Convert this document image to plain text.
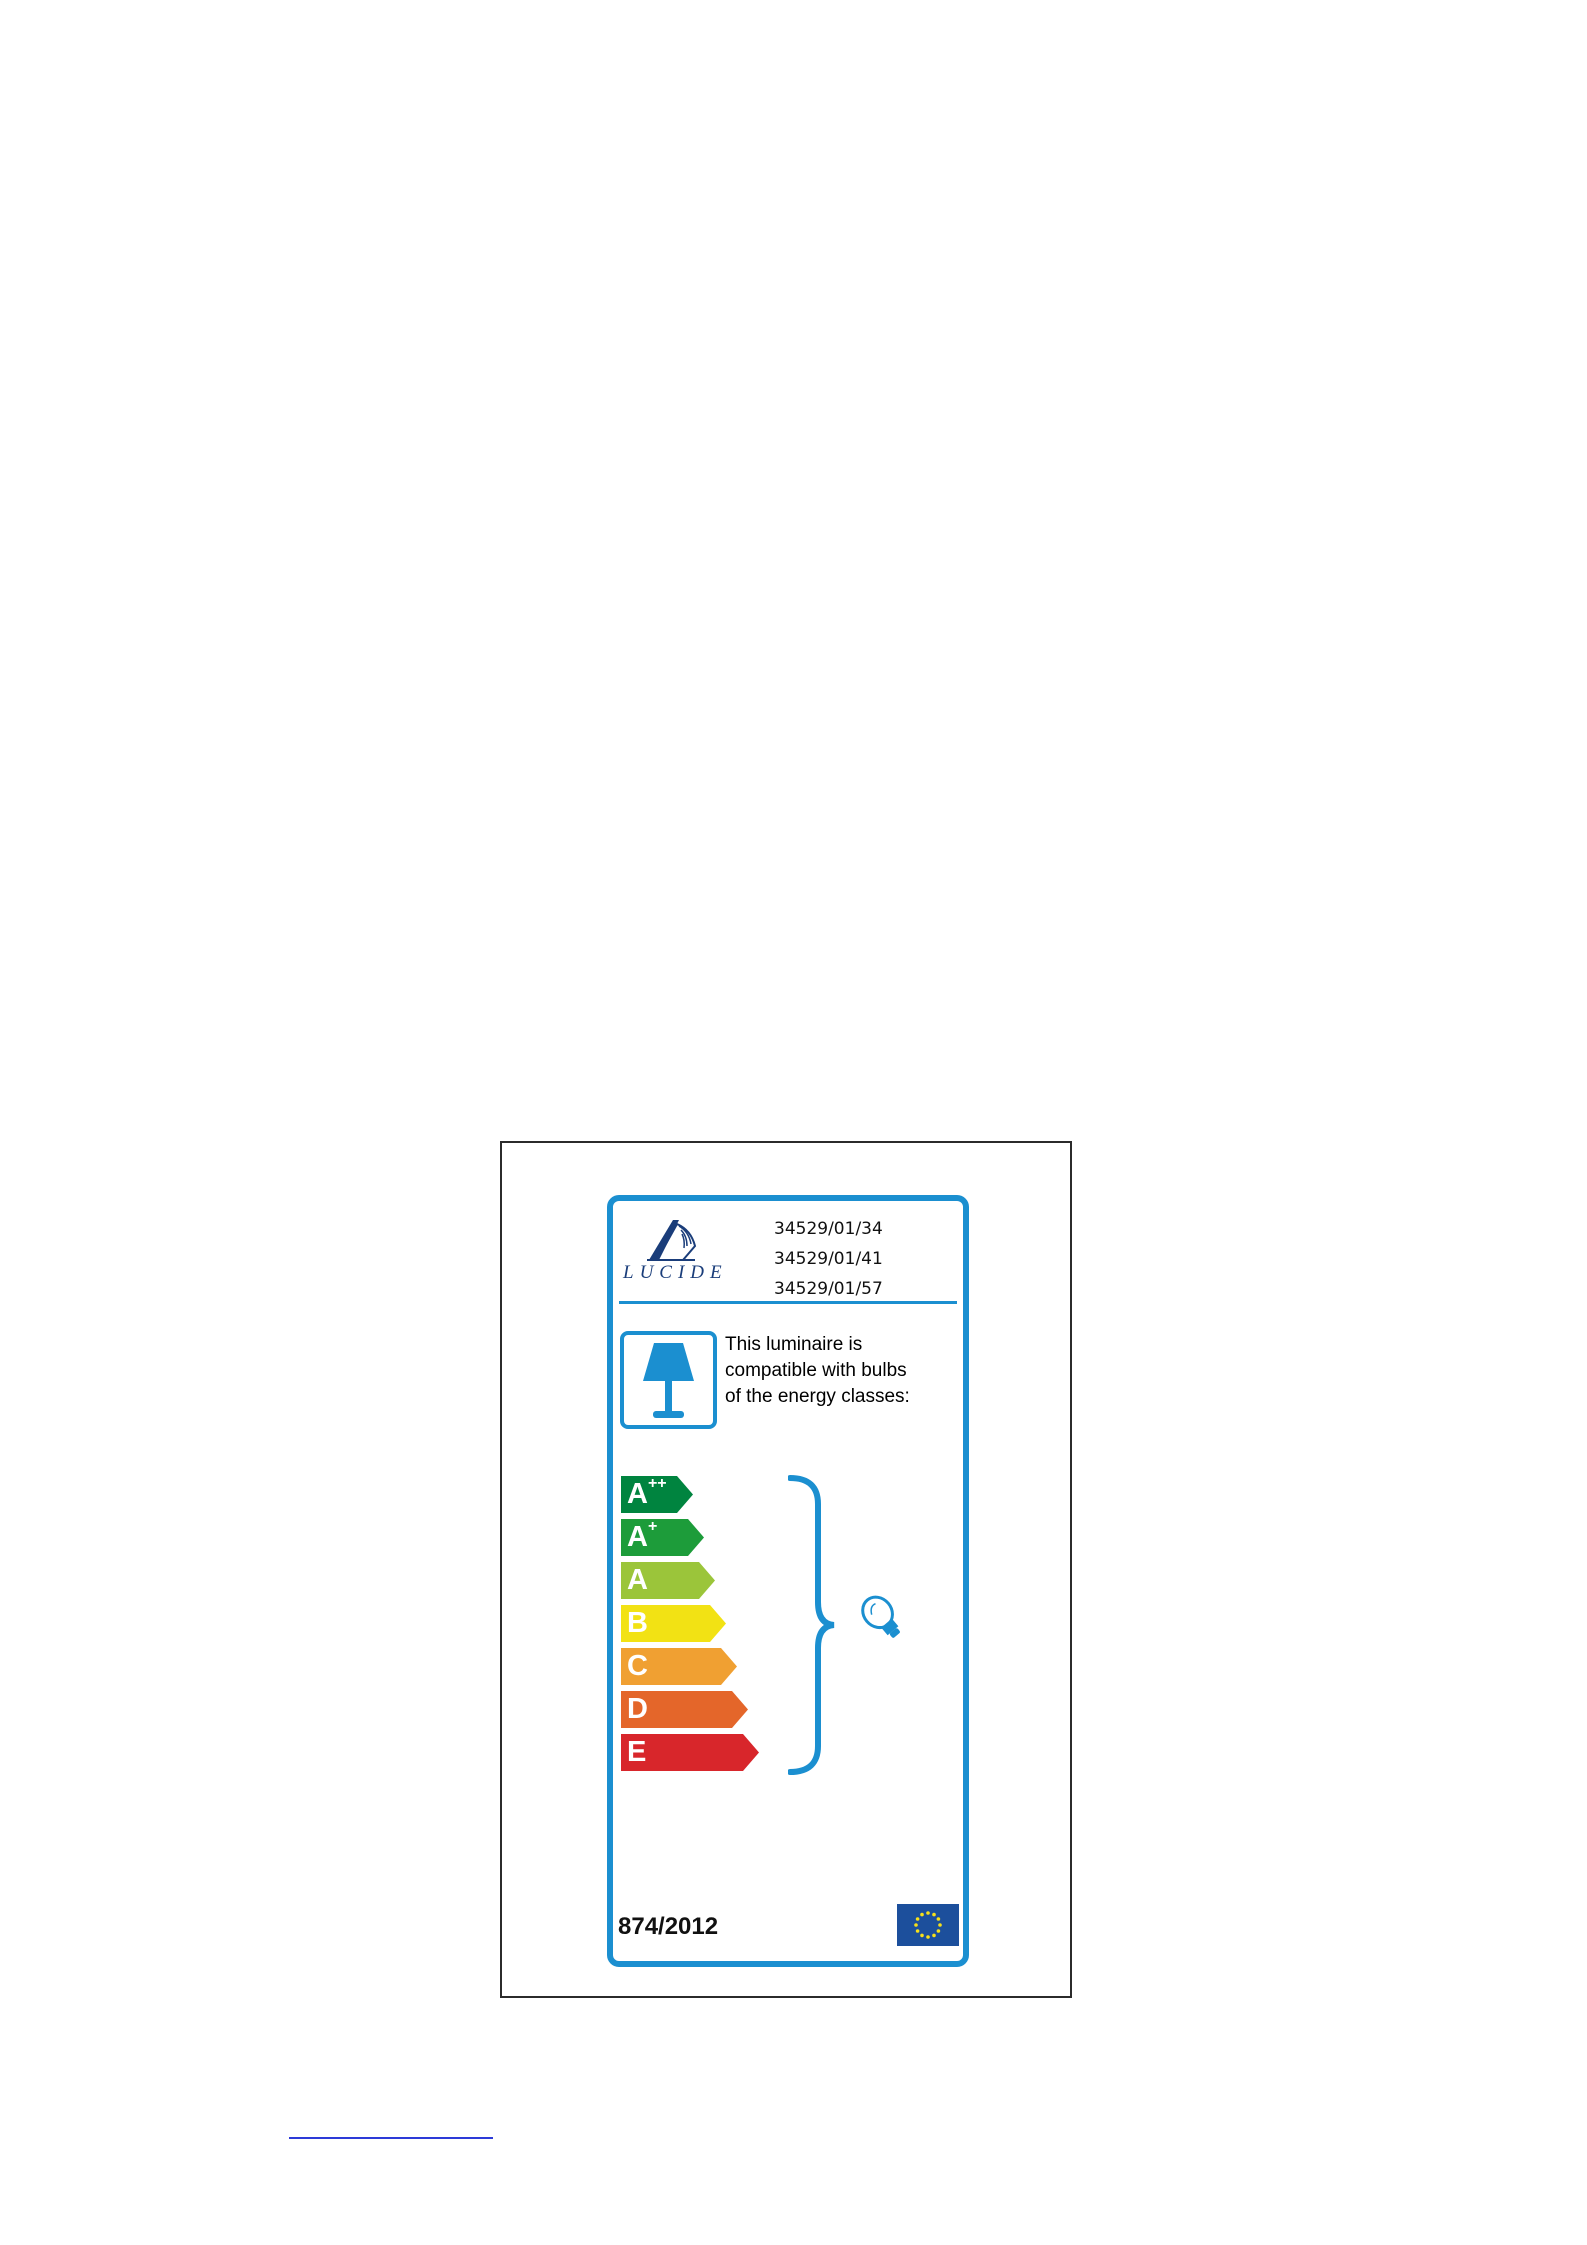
LUCIDE
34529/01/34
34529/01/41
34529/01/57
This luminaire is
compatible with bulbs
of the energy classes:
A++
A+
A
B
C
D
E
874/2012
